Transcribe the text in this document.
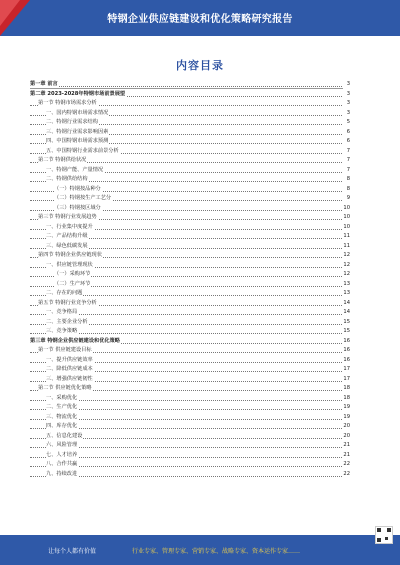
特钢企业供应链建设和优化策略研究报告
内容目录
第一章 前言	3
第二章 2023-2028年特钢市场前景展望	3
第一节 特钢市场需求分析	3
一、国内特钢市场需求情况	3
二、特钢行业需求结构	5
三、特钢行业需求影响因素	6
四、中国特钢市场需求预测	6
五、中国特钢行业需求前景分析	7
第二节 特钢供给状况	7
一、特钢产能、产量情况	7
二、特钢供给结构	8
（一）特钢按品种分	8
（二）特钢按生产工艺分	9
（三）特钢按区域分	10
第三节 特钢行业发展趋势	10
一、行业集中度提升	10
二、产品结构升级	11
三、绿色低碳发展	11
第四节 特钢企业供应链现状	12
一、供应链管理现状	12
（一）采购环节	12
（二）生产环节	13
二、存在的问题	13
第五节 特钢行业竞争分析	14
一、竞争格局	14
二、主要企业分析	15
三、竞争策略	15
第三章 特钢企业供应链建设和优化策略	16
第一节 供应链建设目标	16
一、提升供应链效率	16
二、降低供应链成本	17
三、增强供应链韧性	17
第二节 供应链优化策略	18
一、采购优化	18
二、生产优化	19
三、物流优化	19
四、库存优化	20
五、信息化建设	20
六、风险管理	21
七、人才培养	21
八、合作共赢	22
九、持续改进	22
让每个人都有价值	行业专家、管理专家、营销专家、战略专家、资本运作专家……
